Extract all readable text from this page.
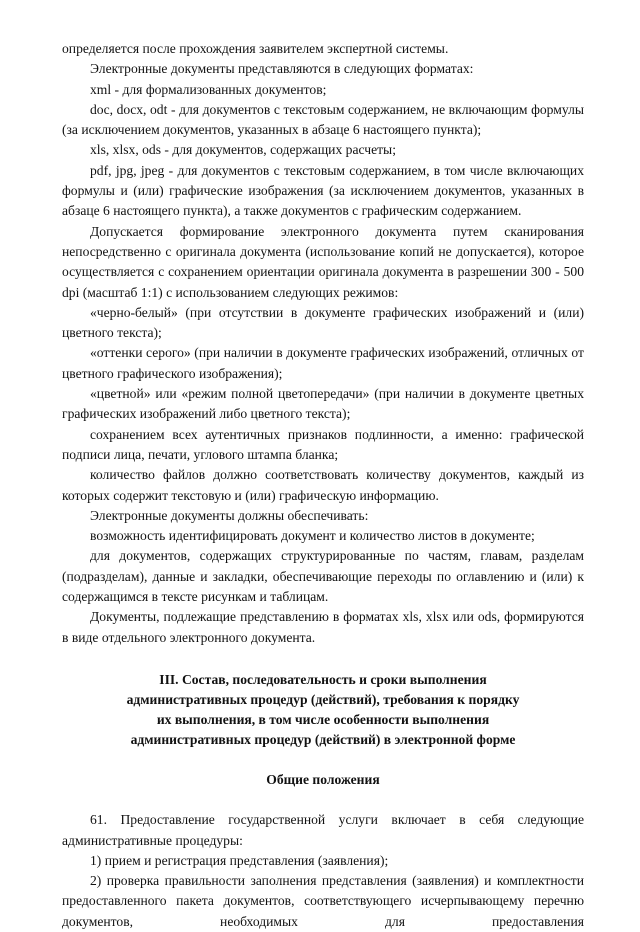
определяется после прохождения заявителем экспертной системы.

Электронные документы представляются в следующих форматах:

xml - для формализованных документов;

doc, docx, odt - для документов с текстовым содержанием, не включающим формулы (за исключением документов, указанных в абзаце 6 настоящего пункта);

xls, xlsx, ods - для документов, содержащих расчеты;

pdf, jpg, jpeg - для документов с текстовым содержанием, в том числе включающих формулы и (или) графические изображения (за исключением документов, указанных в абзаце 6 настоящего пункта), а также документов с графическим содержанием.

Допускается формирование электронного документа путем сканирования непосредственно с оригинала документа (использование копий не допускается), которое осуществляется с сохранением ориентации оригинала документа в разрешении 300 - 500 dpi (масштаб 1:1) с использованием следующих режимов:

«черно-белый» (при отсутствии в документе графических изображений и (или) цветного текста);

«оттенки серого» (при наличии в документе графических изображений, отличных от цветного графического изображения);

«цветной» или «режим полной цветопередачи» (при наличии в документе цветных графических изображений либо цветного текста);

сохранением всех аутентичных признаков подлинности, а именно: графической подписи лица, печати, углового штампа бланка;

количество файлов должно соответствовать количеству документов, каждый из которых содержит текстовую и (или) графическую информацию.

Электронные документы должны обеспечивать:

возможность идентифицировать документ и количество листов в документе;

для документов, содержащих структурированные по частям, главам, разделам (подразделам), данные и закладки, обеспечивающие переходы по оглавлению и (или) к содержащимся в тексте рисункам и таблицам.

Документы, подлежащие представлению в форматах xls, xlsx или ods, формируются в виде отдельного электронного документа.

III. Состав, последовательность и сроки выполнения
административных процедур (действий), требования к порядку
их выполнения, в том числе особенности выполнения
административных процедур (действий) в электронной форме

Общие положения

61. Предоставление государственной услуги включает в себя следующие административные процедуры:

1) прием и регистрация представления (заявления);

2) проверка правильности заполнения представления (заявления) и комплектности предоставленного пакета документов, соответствующего исчерпывающему перечню документов, необходимых для предоставления
